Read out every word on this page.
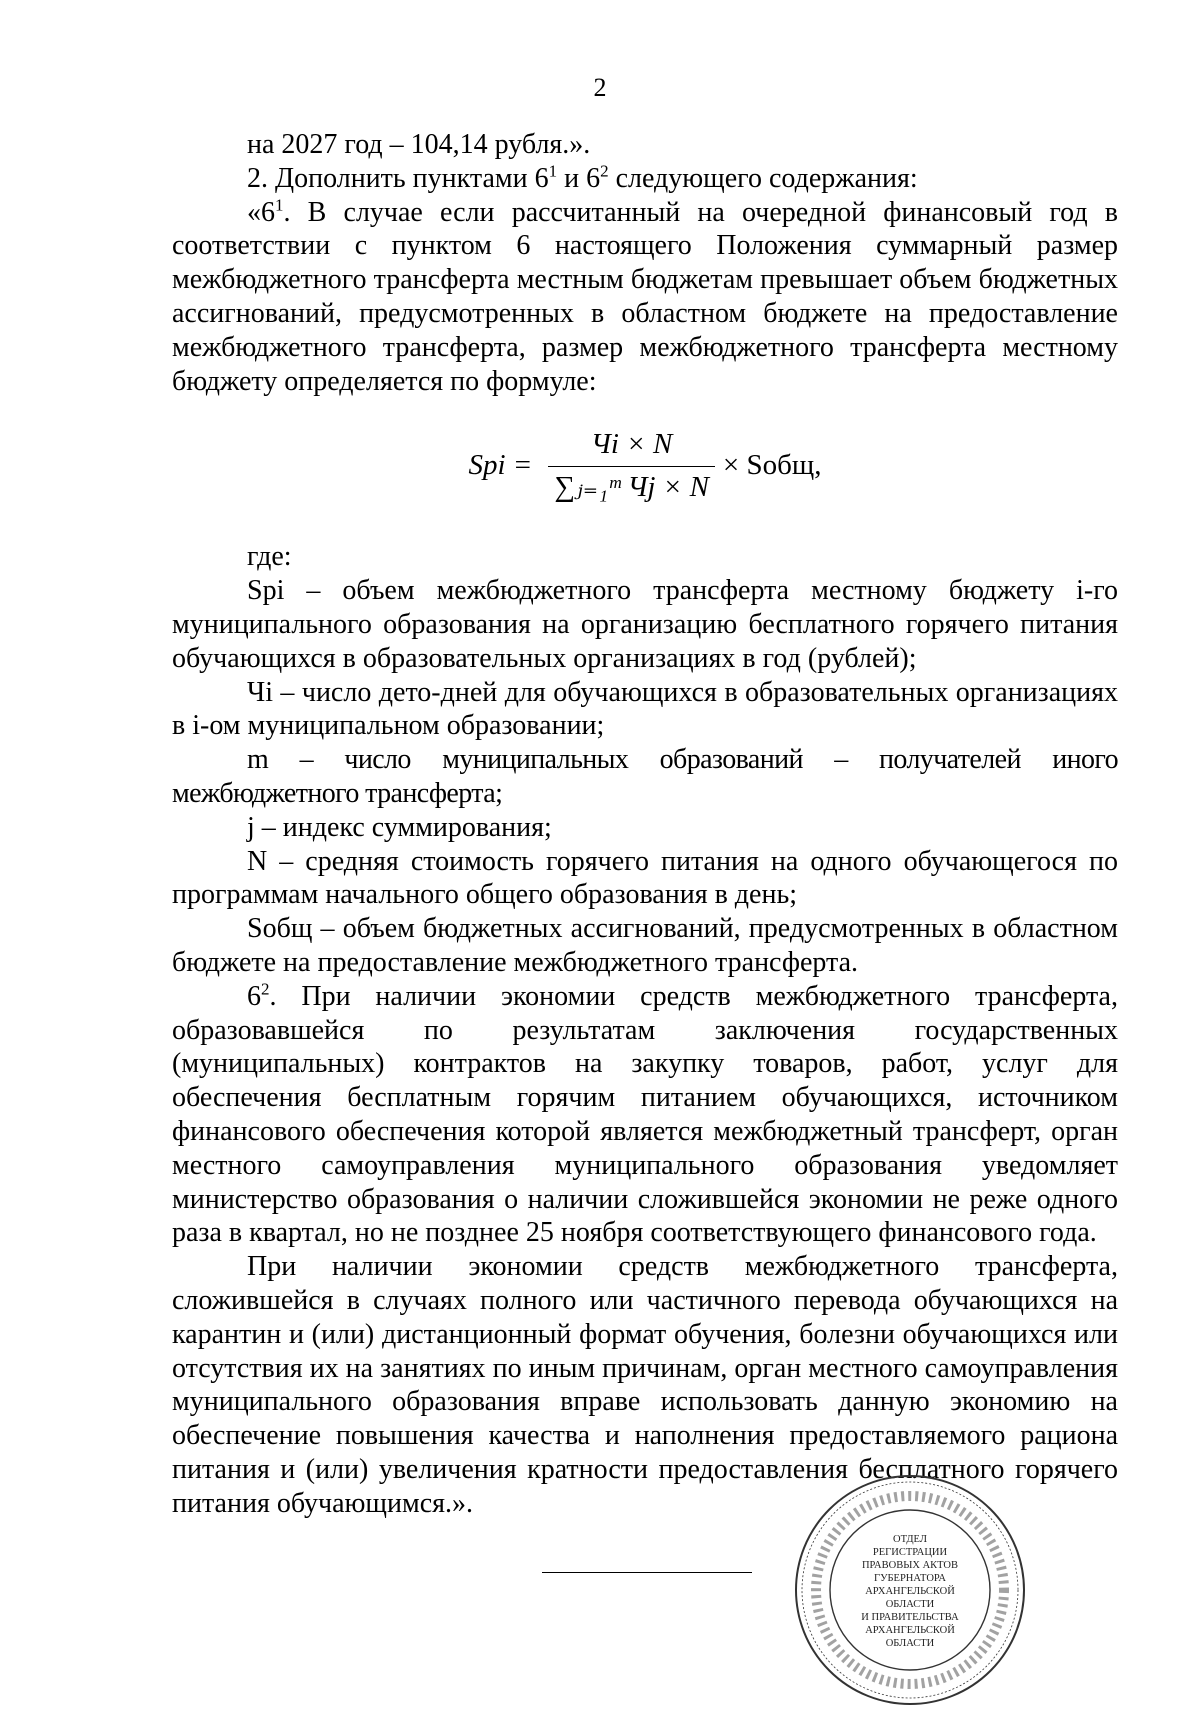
2

на 2027 год – 104,14 рубля.».

2. Дополнить пунктами $6^1$ и $6^2$ следующего содержания:

«$6^1$. В случае если рассчитанный на очередной финансовый год в соответствии с пунктом 6 настоящего Положения суммарный размер межбюджетного трансферта местным бюджетам превышает объем бюджетных ассигнований, предусмотренных в областном бюджете на предоставление межбюджетного трансферта, размер межбюджетного трансферта местному бюджету определяется по формуле:

Spi = $\frac{Чi \times N}{\text{∑ⱼ₌₁ᵐ Чj × N}}$ × Sобщ,

где:

Spi – объем межбюджетного трансферта местному бюджету i-го муниципального образования на организацию бесплатного горячего питания обучающихся в образовательных организациях в год (рублей);

Чi – число дето-дней для обучающихся в образовательных организациях в i-ом муниципальном образовании;

m – число муниципальных образований – получателей иного межбюджетного трансферта;

j – индекс суммирования;

N – средняя стоимость горячего питания на одного обучающегося по программам начального общего образования в день;

Sобщ – объем бюджетных ассигнований, предусмотренных в областном бюджете на предоставление межбюджетного трансферта.

$6^2$. При наличии экономии средств межбюджетного трансферта, образовавшейся по результатам заключения государственных (муниципальных) контрактов на закупку товаров, работ, услуг для обеспечения бесплатным горячим питанием обучающихся, источником финансового обеспечения которой является межбюджетный трансферт, орган местного самоуправления муниципального образования уведомляет министерство образования о наличии сложившейся экономии не реже одного раза в квартал, но не позднее 25 ноября соответствующего финансового года.

При наличии экономии средств межбюджетного трансферта, сложившейся в случаях полного или частичного перевода обучающихся на карантин и (или) дистанционный формат обучения, болезни обучающихся или отсутствия их на занятиях по иным причинам, орган местного самоуправления муниципального образования вправе использовать данную экономию на обеспечение повышения качества и наполнения предоставляемого рациона питания и (или) увеличения кратности предоставления бесплатного горячего питания обучающимся.».

ОТДЕЛ
РЕГИСТРАЦИИ
ПРАВОВЫХ АКТОВ
ГУБЕРНАТОРА
АРХАНГЕЛЬСКОЙ
ОБЛАСТИ
И ПРАВИТЕЛЬСТВА
АРХАНГЕЛЬСКОЙ
ОБЛАСТИ
